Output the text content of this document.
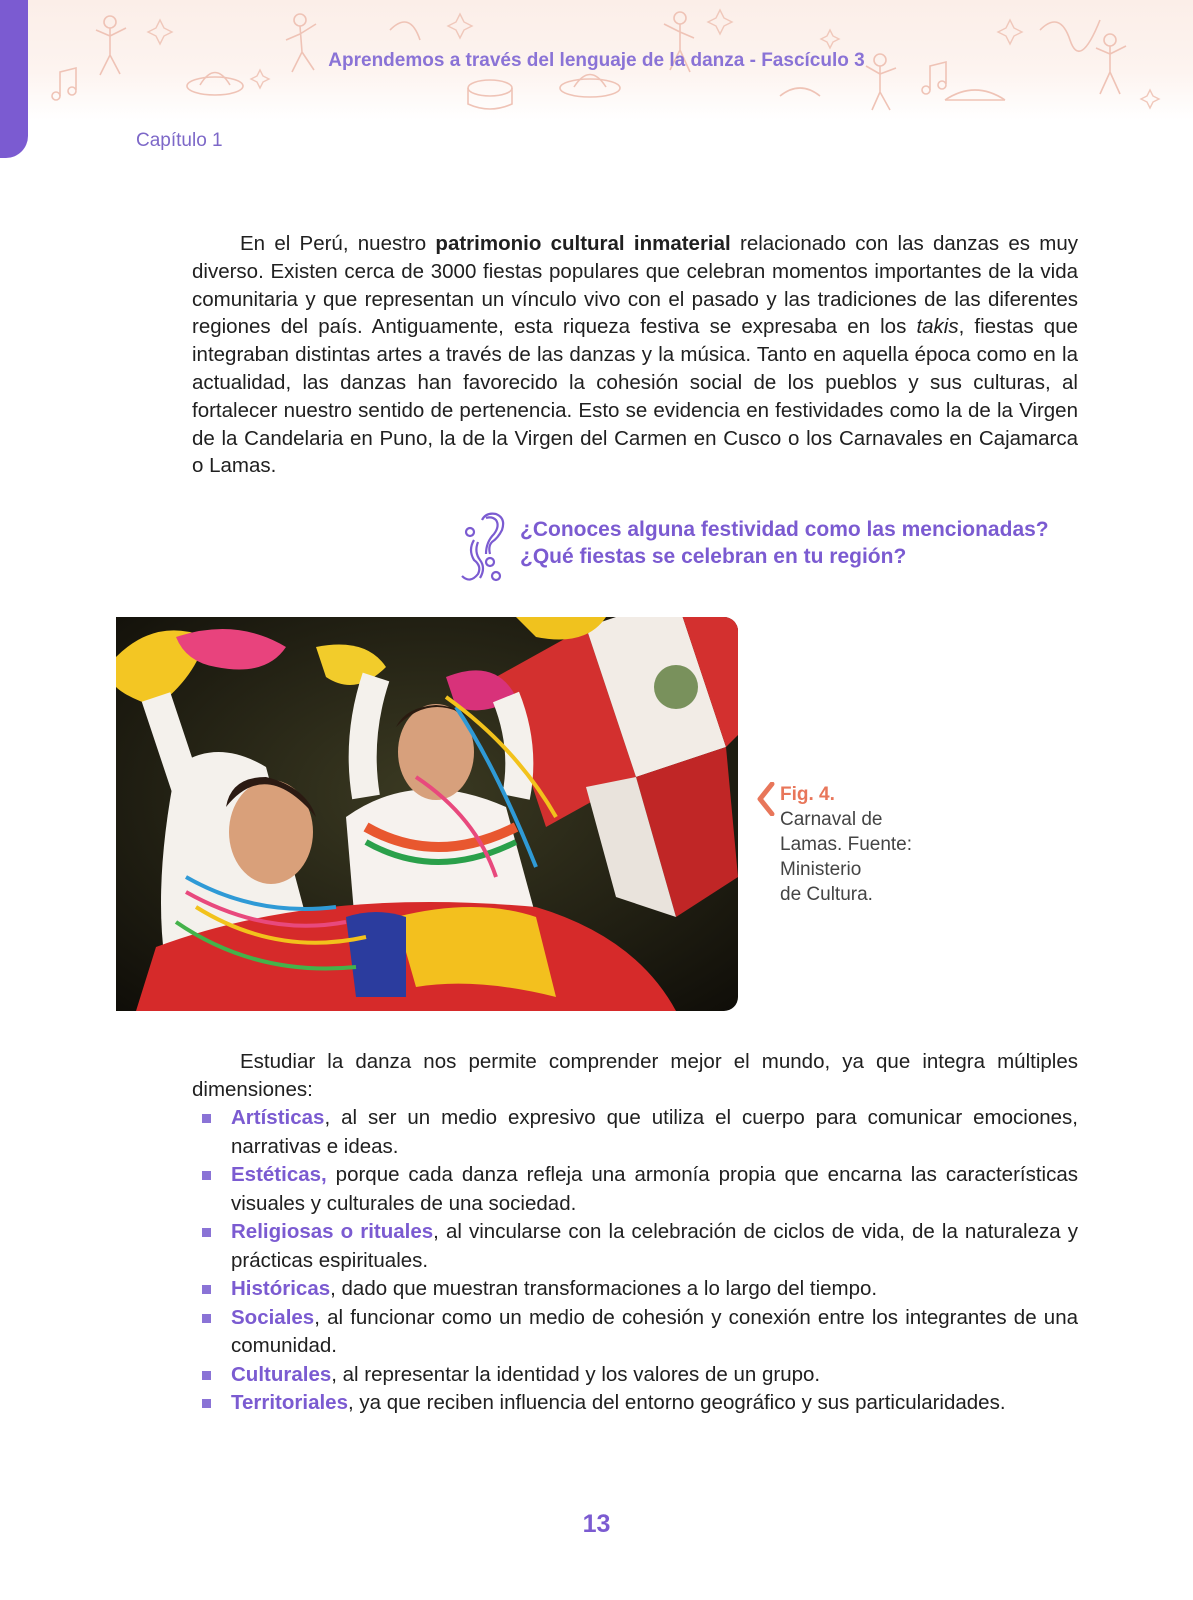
Aprendemos a través del lenguaje de la danza - Fascículo 3
Capítulo 1

En el Perú, nuestro patrimonio cultural inmaterial relacionado con las danzas es muy diverso. Existen cerca de 3000 fiestas populares que celebran momentos importantes de la vida comunitaria y que representan un vínculo vivo con el pasado y las tradiciones de las diferentes regiones del país. Antiguamente, esta riqueza festiva se expresaba en los takis, fiestas que integraban distintas artes a través de las danzas y la música. Tanto en aquella época como en la actualidad, las danzas han favorecido la cohesión social de los pueblos y sus culturas, al fortalecer nuestro sentido de pertenencia. Esto se evidencia en festividades como la de la Virgen de la Candelaria en Puno, la de la Virgen del Carmen en Cusco o los Carnavales en Cajamarca o Lamas.

¿Conoces alguna festividad como las mencionadas?
¿Qué fiestas se celebran en tu región?
Fig. 4.
Carnaval de
Lamas. Fuente:
Ministerio
de Cultura.

Estudiar la danza nos permite comprender mejor el mundo, ya que integra múltiples dimensiones:

Artísticas, al ser un medio expresivo que utiliza el cuerpo para comunicar emociones, narrativas e ideas.
Estéticas, porque cada danza refleja una armonía propia que encarna las características visuales y culturales de una sociedad.
Religiosas o rituales, al vincularse con la celebración de ciclos de vida, de la naturaleza y prácticas espirituales.
Históricas, dado que muestran transformaciones a lo largo del tiempo.
Sociales, al funcionar como un medio de cohesión y conexión entre los integrantes de una comunidad.
Culturales, al representar la identidad y los valores de un grupo.
Territoriales, ya que reciben influencia del entorno geográfico y sus particularidades.
13
